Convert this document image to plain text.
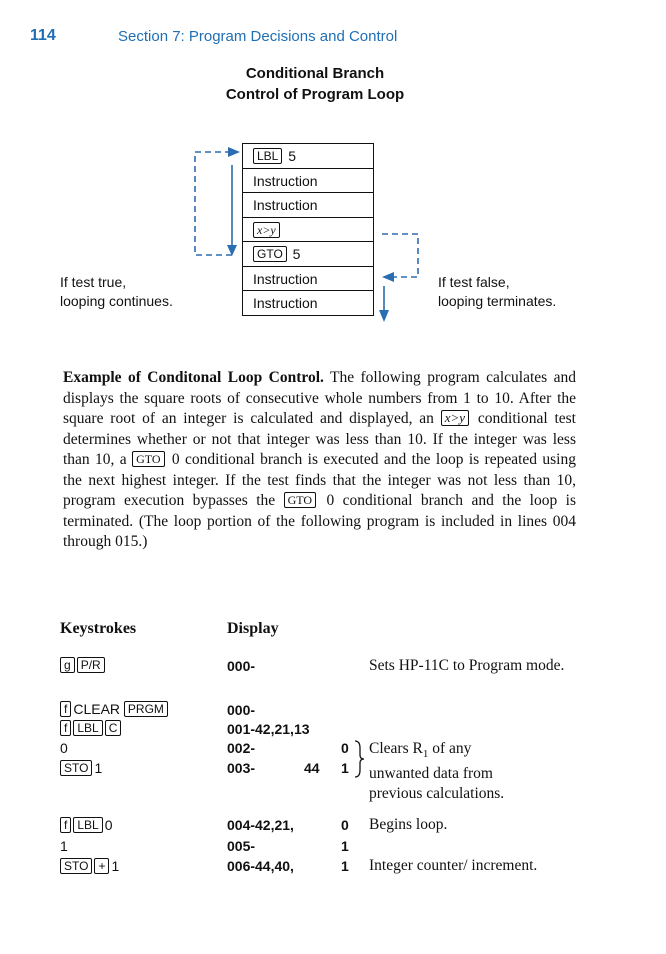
114	Section 7: Program Decisions and Control
Conditional Branch
Control of Program Loop
LBL 5
Instruction
Instruction
x>y
GTO 5
Instruction
Instruction
If test true,
looping continues.
If test false,
looping terminates.
Example of Conditonal Loop Control. The following program calculates and displays the square roots of consecutive whole numbers from 1 to 10. After the square root of an integer is calculated and displayed, an x>y conditional test determines whether or not that integer was less than 10. If the integer was less than 10, a GTO 0 conditional branch is executed and the loop is repeated using the next highest integer. If the test finds that the integer was not less than 10, program execution bypasses the GTO 0 conditional branch and the loop is terminated. (The loop portion of the following program is included in lines 004 through 015.)
Keystrokes	Display
g P/R	000-	Sets HP-11C to Program mode.
f CLEAR PRGM	000-
f LBL C	001-42,21,13
0	002-	0
STO 1	003-	44 1
Clears $R_1$ of any
unwanted data from
previous calculations.
f LBL 0	004-42,21,	0 Begins loop.
1	005-	1
STO + 1	006-44,40,	1 Integer counter/ increment.
